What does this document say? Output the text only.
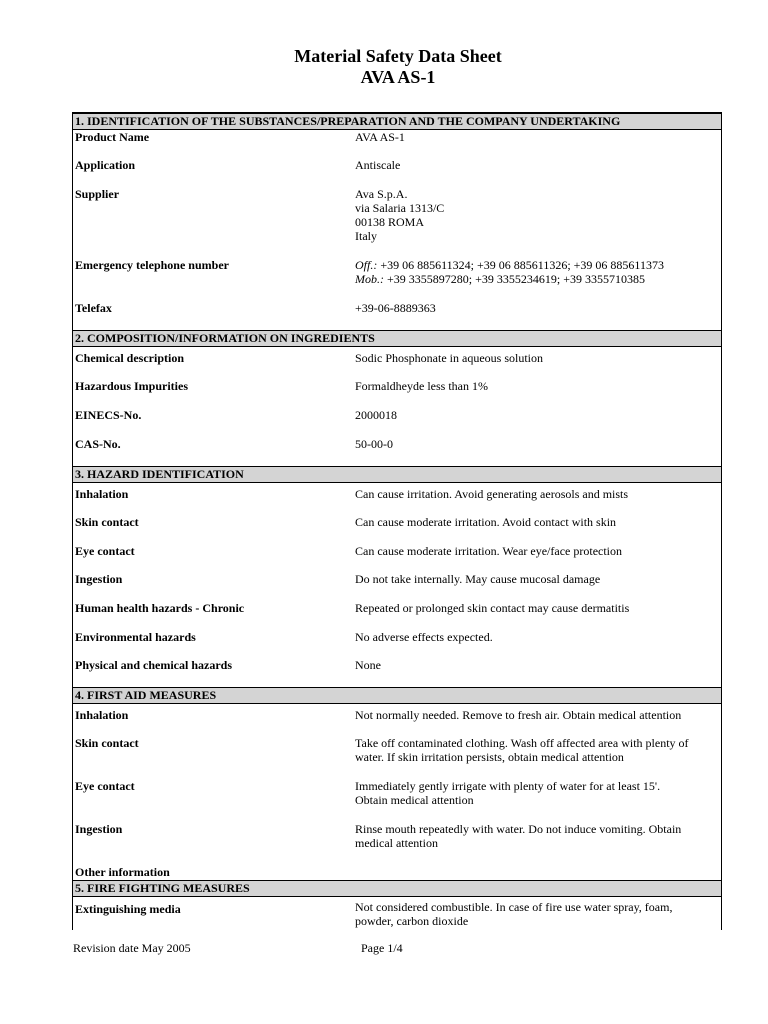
Material Safety Data Sheet
AVA AS-1
1. IDENTIFICATION OF THE SUBSTANCES/PREPARATION AND THE COMPANY UNDERTAKING
Product Name	AVA AS-1
Application	Antiscale
Supplier	Ava S.p.A.
via Salaria 1313/C
00138 ROMA
Italy
Emergency telephone number	Off.: +39 06 885611324; +39 06 885611326; +39 06 885611373
Mob.: +39 3355897280; +39 3355234619; +39 3355710385
Telefax	+39-06-8889363
2. COMPOSITION/INFORMATION ON INGREDIENTS
Chemical description	Sodic Phosphonate in aqueous solution
Hazardous Impurities	Formaldheyde less than 1%
EINECS-No.	2000018
CAS-No.	50-00-0
3. HAZARD IDENTIFICATION
Inhalation	Can cause irritation. Avoid generating aerosols and mists
Skin contact	Can cause moderate irritation. Avoid contact with skin
Eye contact	Can cause moderate irritation. Wear eye/face protection
Ingestion	Do not take internally. May cause mucosal damage
Human health hazards - Chronic	Repeated or prolonged skin contact may cause dermatitis
Environmental hazards	No adverse effects expected.
Physical and chemical hazards	None
4. FIRST AID MEASURES
Inhalation	Not normally needed. Remove to fresh air. Obtain medical attention
Skin contact	Take off contaminated clothing. Wash off affected area with plenty of
water. If skin irritation persists, obtain medical attention
Eye contact	Immediately gently irrigate with plenty of water for at least 15'.
Obtain medical attention
Ingestion	Rinse mouth repeatedly with water. Do not induce vomiting. Obtain
medical attention
Other information
5. FIRE FIGHTING MEASURES
Extinguishing media	Not considered combustible. In case of fire use water spray, foam,
powder, carbon dioxide
Revision date May 2005	Page 1/4
